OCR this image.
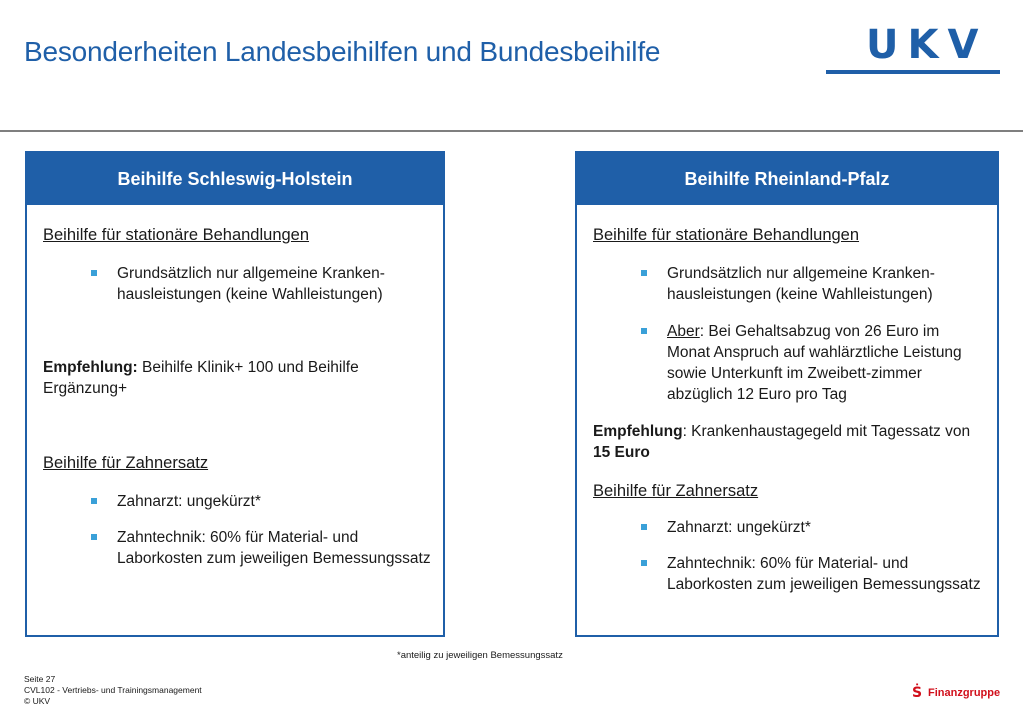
Besonderheiten Landesbeihilfen und Bundesbeihilfe	UKV
Beihilfe Schleswig-Holstein
Beihilfe für stationäre Behandlungen
Grundsätzlich nur allgemeine Kranken-hausleistungen (keine Wahlleistungen)
Empfehlung: Beihilfe Klinik+ 100 und Beihilfe Ergänzung+
Beihilfe für Zahnersatz
Zahnarzt: ungekürzt*
Zahntechnik: 60% für Material- und Laborkosten zum jeweiligen Bemessungssatz
Beihilfe Rheinland-Pfalz
Beihilfe für stationäre Behandlungen
Grundsätzlich nur allgemeine Kranken-hausleistungen (keine Wahlleistungen)
Aber: Bei Gehaltsabzug von 26 Euro im Monat Anspruch auf wahlärztliche Leistung sowie Unterkunft im Zweibett-zimmer abzüglich 12 Euro pro Tag
Empfehlung: Krankenhaustagegeld mit Tagessatz von 15 Euro
Beihilfe für Zahnersatz
Zahnarzt: ungekürzt*
Zahntechnik: 60% für Material- und Laborkosten zum jeweiligen Bemessungssatz
*anteilig zu jeweiligen Bemessungssatz
Seite 27
CVL102 - Vertriebs- und Trainingsmanagement
© UKV	Ṡ Finanzgruppe
